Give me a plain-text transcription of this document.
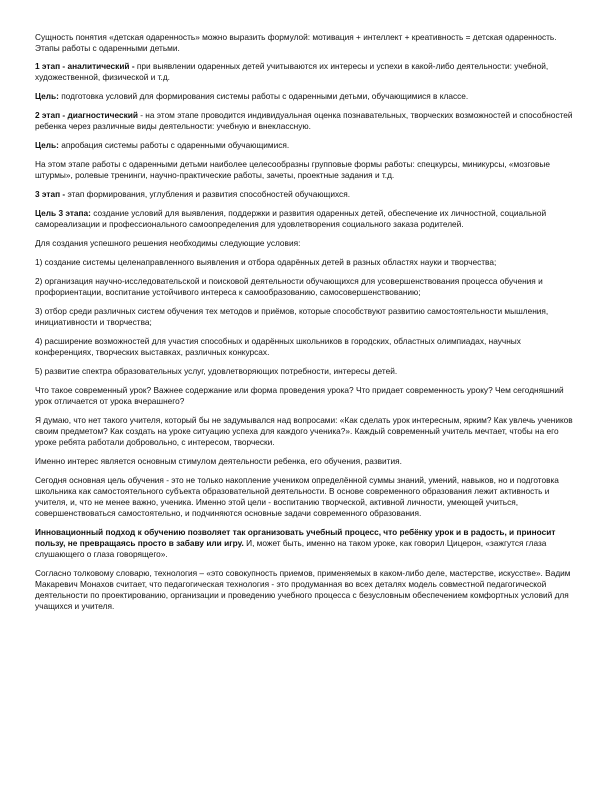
Сущность понятия «детская одаренность» можно выразить формулой: мотивация + интеллект + креативность = детская одаренность.
Этапы работы с одаренными детьми.

1 этап - аналитический - при выявлении одаренных детей учитываются их интересы и успехи в какой-либо деятельности: учебной, художественной, физической и т.д.

Цель: подготовка условий для формирования системы работы с одаренными детьми, обучающимися в классе.

2 этап - диагностический - на этом этапе проводится индивидуальная оценка познавательных, творческих возможностей и способностей ребенка через различные виды деятельности: учебную и внеклассную.

Цель: апробация системы работы с одаренными обучающимися.

На этом этапе работы с одаренными детьми наиболее целесообразны групповые формы работы: спецкурсы, миникурсы, «мозговые штурмы», ролевые тренинги, научно-практические работы, зачеты, проектные задания и т.д.

3 этап - этап формирования, углубления и развития способностей обучающихся.

Цель 3 этапа: создание условий для выявления, поддержки и развития одаренных детей, обеспечение их личностной, социальной самореализации и профессионального самоопределения для удовлетворения социального заказа родителей.

Для создания успешного решения необходимы следующие условия:

1) создание системы целенаправленного выявления и отбора одарённых детей в разных областях науки и творчества;

2) организация научно-исследовательской и поисковой деятельности обучающихся для усовершенствования процесса обучения и профориентации, воспитание устойчивого интереса к самообразованию, самосовершенствованию;

3) отбор среди различных систем обучения тех методов и приёмов, которые способствуют развитию самостоятельности мышления, инициативности и творчества;

4) расширение возможностей для участия способных и одарённых школьников в городских, областных олимпиадах, научных конференциях, творческих выставках, различных конкурсах.

5) развитие спектра образовательных услуг, удовлетворяющих потребности, интересы детей.

Что такое современный урок? Важнее содержание или форма проведения урока? Что придает современность уроку? Чем сегодняшний урок отличается от урока вчерашнего?

Я думаю, что нет такого учителя, который бы не задумывался над вопросами: «Как сделать урок интересным, ярким? Как увлечь учеников своим предметом? Как создать на уроке ситуацию успеха для каждого ученика?». Каждый современный учитель мечтает, чтобы на его уроке ребята работали добровольно, с интересом, творчески.

Именно интерес является основным стимулом деятельности ребенка, его обучения, развития.

Сегодня основная цель обучения - это не только накопление учеником определённой суммы знаний, умений, навыков, но и подготовка школьника как самостоятельного субъекта образовательной деятельности. В основе современного образования лежит активность и учителя, и, что не менее важно, ученика. Именно этой цели - воспитанию творческой, активной личности, умеющей учиться, совершенствоваться самостоятельно, и подчиняются основные задачи современного образования.

Инновационный подход к обучению позволяет так организовать учебный процесс, что ребёнку урок и в радость, и приносит пользу, не превращаясь просто в забаву или игру. И, может быть, именно на таком уроке, как говорил Цицерон, «зажгутся глаза слушающего о глаза говорящего».

Согласно толковому словарю, технология – «это совокупность приемов, применяемых в каком-либо деле, мастерстве, искусстве». Вадим Макаревич Монахов считает, что педагогическая технология - это продуманная во всех деталях модель совместной педагогической деятельности по проектированию, организации и проведению учебного процесса с безусловным обеспечением комфортных условий для учащихся и учителя.
